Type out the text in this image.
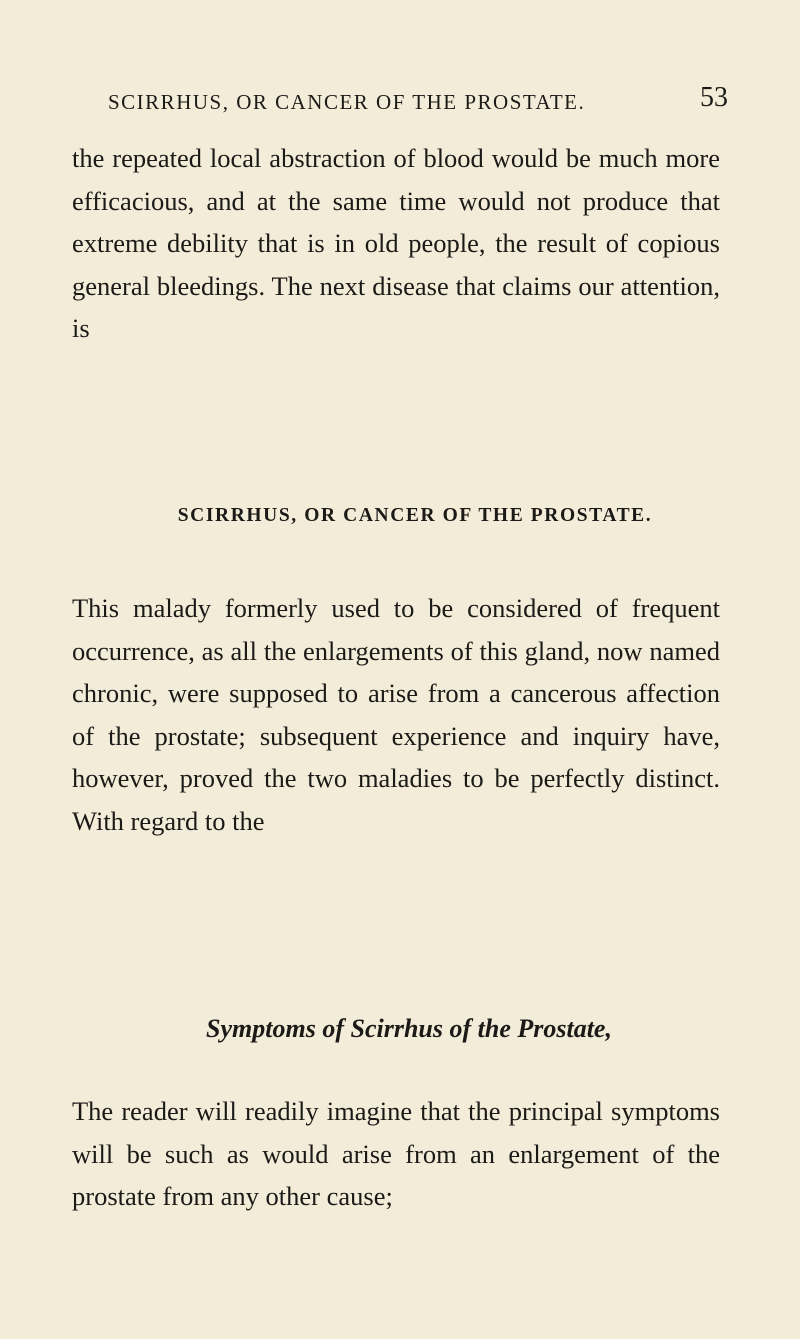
SCIRRHUS, OR CANCER OF THE PROSTATE.	53

the repeated local abstraction of blood would be much more efficacious, and at the same time would not produce that extreme debility that is in old people, the result of copious general bleedings. The next disease that claims our attention, is

SCIRRHUS, OR CANCER OF THE PROSTATE.

This malady formerly used to be considered of frequent occurrence, as all the enlargements of this gland, now named chronic, were supposed to arise from a cancerous affection of the prostate; subsequent experience and inquiry have, however, proved the two maladies to be perfectly distinct. With regard to the

Symptoms of Scirrhus of the Prostate,

The reader will readily imagine that the principal symptoms will be such as would arise from an enlargement of the prostate from any other cause;
